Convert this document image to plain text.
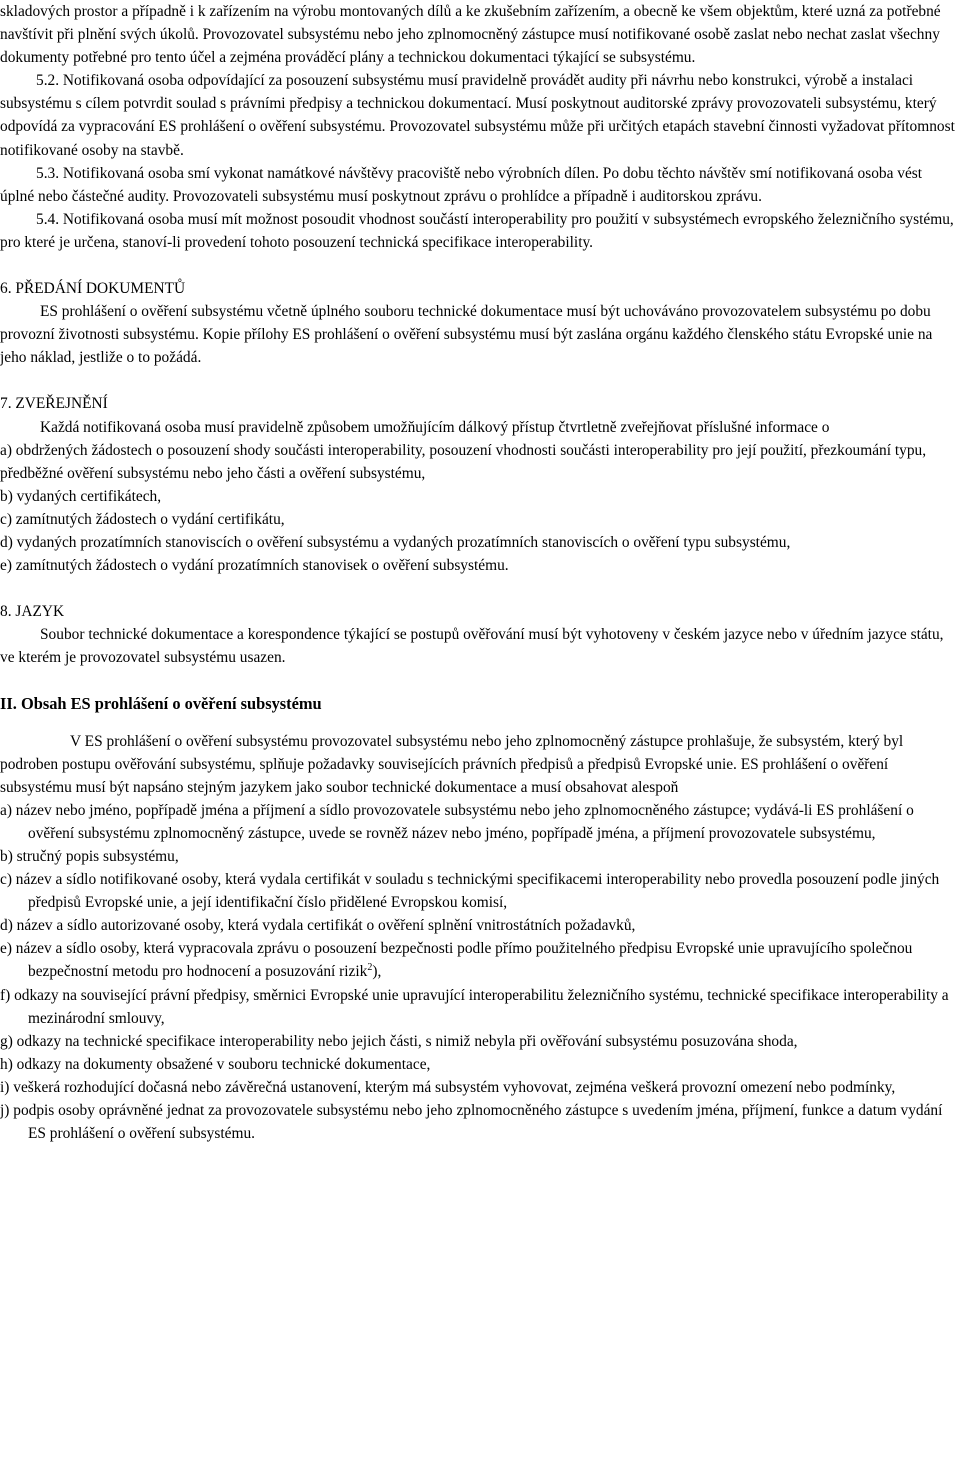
skladových prostor a případně i k zařízením na výrobu montovaných dílů a ke zkušebním zařízením, a obecně ke všem objektům, které uzná za potřebné navštívit při plnění svých úkolů. Provozovatel subsystému nebo jeho zplnomocněný zástupce musí notifikované osobě zaslat nebo nechat zaslat všechny dokumenty potřebné pro tento účel a zejména prováděcí plány a technickou dokumentaci týkající se subsystému.

5.2. Notifikovaná osoba odpovídající za posouzení subsystému musí pravidelně provádět audity při návrhu nebo konstrukci, výrobě a instalaci subsystému s cílem potvrdit soulad s právními předpisy a technickou dokumentací. Musí poskytnout auditorské zprávy provozovateli subsystému, který odpovídá za vypracování ES prohlášení o ověření subsystému. Provozovatel subsystému může při určitých etapách stavební činnosti vyžadovat přítomnost notifikované osoby na stavbě.

5.3. Notifikovaná osoba smí vykonat namátkové návštěvy pracoviště nebo výrobních dílen. Po dobu těchto návštěv smí notifikovaná osoba vést úplné nebo částečné audity. Provozovateli subsystému musí poskytnout zprávu o prohlídce a případně i auditorskou zprávu.

5.4. Notifikovaná osoba musí mít možnost posoudit vhodnost součástí interoperability pro použití v subsystémech evropského železničního systému, pro které je určena, stanoví-li provedení tohoto posouzení technická specifikace interoperability.

6. PŘEDÁNÍ DOKUMENTŮ

ES prohlášení o ověření subsystému včetně úplného souboru technické dokumentace musí být uchováváno provozovatelem subsystému po dobu provozní životnosti subsystému. Kopie přílohy ES prohlášení o ověření subsystému musí být zaslána orgánu každého členského státu Evropské unie na jeho náklad, jestliže o to požádá.

7. ZVEŘEJNĚNÍ

Každá notifikovaná osoba musí pravidelně způsobem umožňujícím dálkový přístup čtvrtletně zveřejňovat příslušné informace o

a) obdržených žádostech o posouzení shody součásti interoperability, posouzení vhodnosti součásti interoperability pro její použití, přezkoumání typu, předběžné ověření subsystému nebo jeho části a ověření subsystému,

b) vydaných certifikátech,

c) zamítnutých žádostech o vydání certifikátu,

d) vydaných prozatímních stanoviscích o ověření subsystému a vydaných prozatímních stanoviscích o ověření typu subsystému,

e) zamítnutých žádostech o vydání prozatímních stanovisek o ověření subsystému.

8. JAZYK

Soubor technické dokumentace a korespondence týkající se postupů ověřování musí být vyhotoveny v českém jazyce nebo v úředním jazyce státu, ve kterém je provozovatel subsystému usazen.

II. Obsah ES prohlášení o ověření subsystému

V ES prohlášení o ověření subsystému provozovatel subsystému nebo jeho zplnomocněný zástupce prohlašuje, že subsystém, který byl podroben postupu ověřování subsystému, splňuje požadavky souvisejících právních předpisů a předpisů Evropské unie. ES prohlášení o ověření subsystému musí být napsáno stejným jazykem jako soubor technické dokumentace a musí obsahovat alespoň

a) název nebo jméno, popřípadě jména a příjmení a sídlo provozovatele subsystému nebo jeho zplnomocněného zástupce; vydává-li ES prohlášení o ověření subsystému zplnomocněný zástupce, uvede se rovněž název nebo jméno, popřípadě jména, a příjmení provozovatele subsystému,

b) stručný popis subsystému,

c) název a sídlo notifikované osoby, která vydala certifikát v souladu s technickými specifikacemi interoperability nebo provedla posouzení podle jiných předpisů Evropské unie, a její identifikační číslo přidělené Evropskou komisí,

d) název a sídlo autorizované osoby, která vydala certifikát o ověření splnění vnitrostátních požadavků,

e) název a sídlo osoby, která vypracovala zprávu o posouzení bezpečnosti podle přímo použitelného předpisu Evropské unie upravujícího společnou bezpečnostní metodu pro hodnocení a posuzování rizik$^2$),

f) odkazy na související právní předpisy, směrnici Evropské unie upravující interoperabilitu železničního systému, technické specifikace interoperability a mezinárodní smlouvy,

g) odkazy na technické specifikace interoperability nebo jejich části, s nimiž nebyla při ověřování subsystému posuzována shoda,

h) odkazy na dokumenty obsažené v souboru technické dokumentace,

i) veškerá rozhodující dočasná nebo závěrečná ustanovení, kterým má subsystém vyhovovat, zejména veškerá provozní omezení nebo podmínky,

j) podpis osoby oprávněné jednat za provozovatele subsystému nebo jeho zplnomocněného zástupce s uvedením jména, příjmení, funkce a datum vydání ES prohlášení o ověření subsystému.
